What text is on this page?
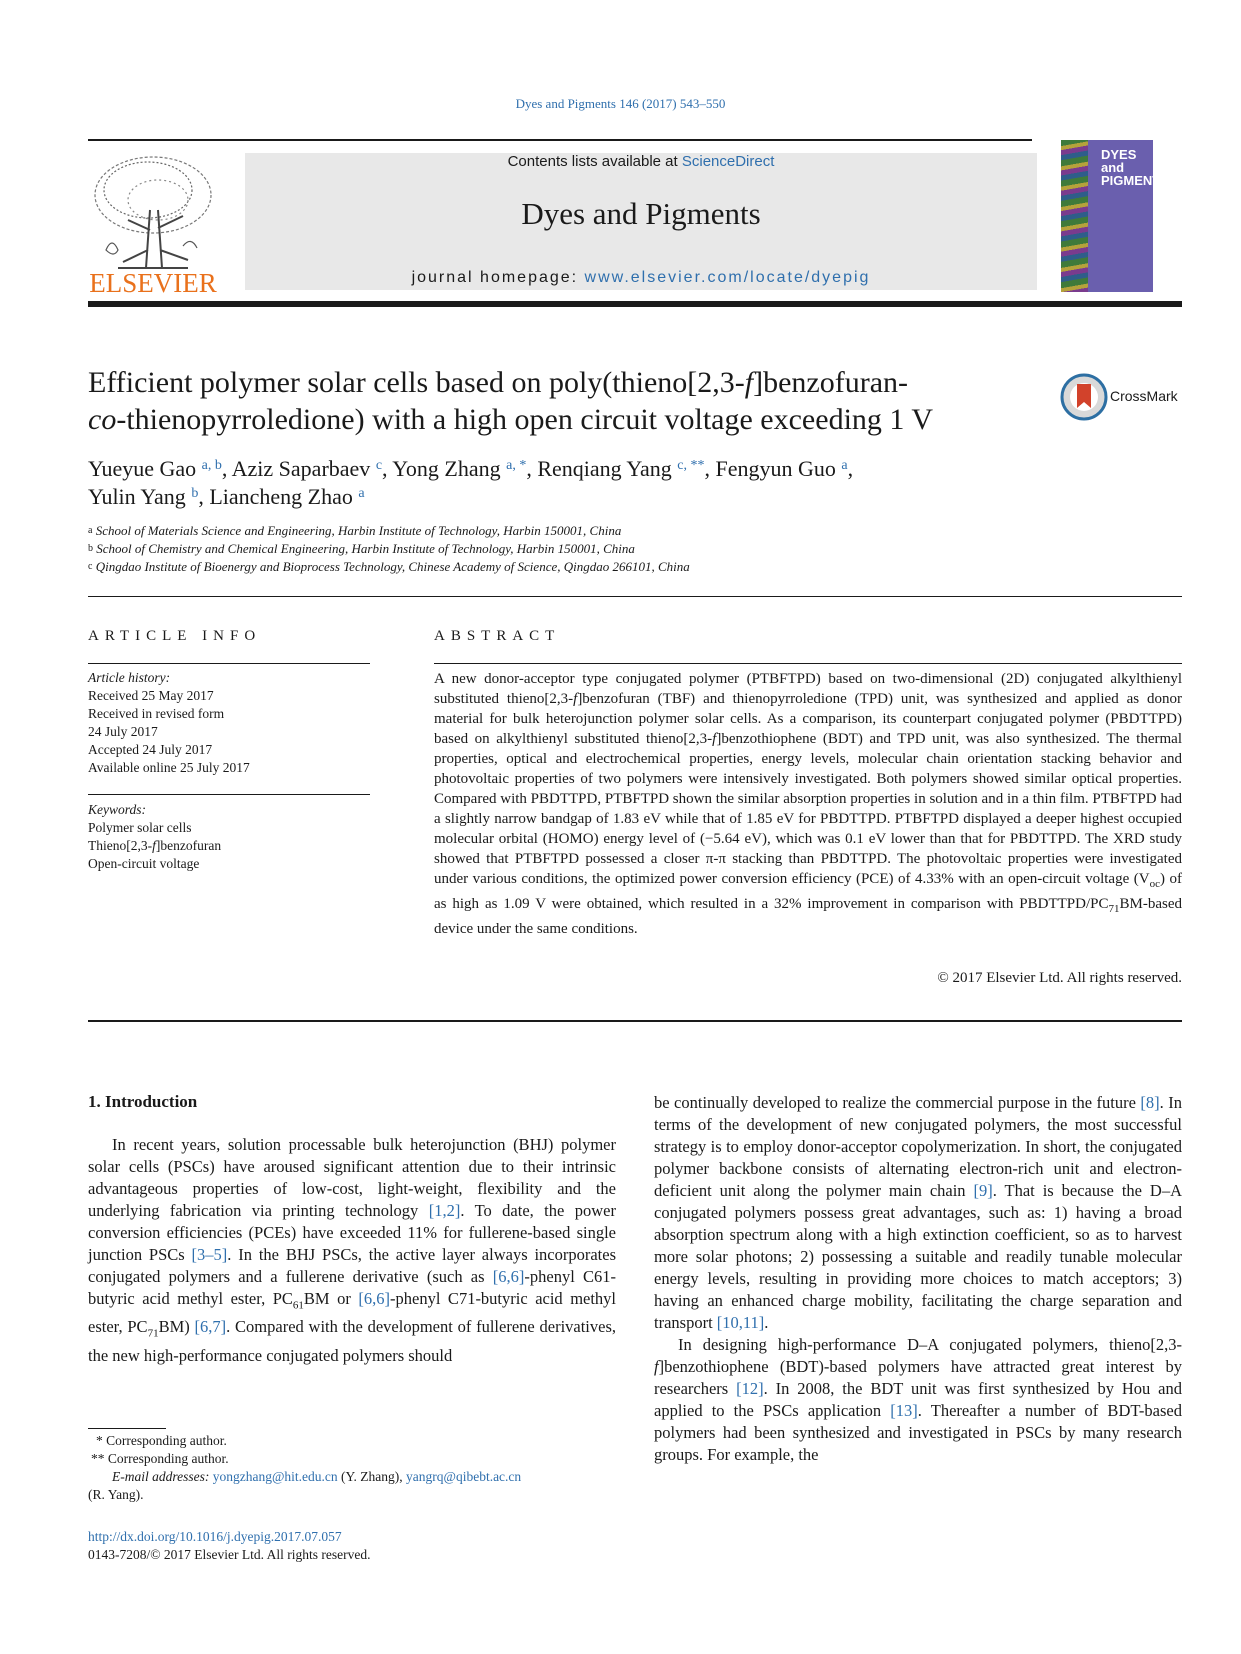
Dyes and Pigments 146 (2017) 543–550
ELSEVIER
Contents lists available at ScienceDirect
Dyes and Pigments
journal homepage: www.elsevier.com/locate/dyepig
DYES and PIGMENTS
Efficient polymer solar cells based on poly(thieno[2,3-f]benzofuran-
co-thienopyrroledione) with a high open circuit voltage exceeding 1 V
CrossMark
Yueyue Gao $^{a, b}$, Aziz Saparbaev $^c$, Yong Zhang $^{a, *}$, Renqiang Yang $^{c, **}$, Fengyun Guo $^a$,
Yulin Yang $^b$, Liancheng Zhao $^a$
$^a$ School of Materials Science and Engineering, Harbin Institute of Technology, Harbin 150001, China
$^b$ School of Chemistry and Chemical Engineering, Harbin Institute of Technology, Harbin 150001, China
$^c$ Qingdao Institute of Bioenergy and Bioprocess Technology, Chinese Academy of Science, Qingdao 266101, China
ARTICLE INFO	ABSTRACT
Article history:
Received 25 May 2017
Received in revised form
24 July 2017
Accepted 24 July 2017
Available online 25 July 2017
Keywords:
Polymer solar cells
Thieno[2,3-f]benzofuran
Open-circuit voltage
A new donor-acceptor type conjugated polymer (PTBFTPD) based on two-dimensional (2D) conjugated alkylthienyl substituted thieno[2,3-f]benzofuran (TBF) and thienopyrroledione (TPD) unit, was synthesized and applied as donor material for bulk heterojunction polymer solar cells. As a comparison, its counterpart conjugated polymer (PBDTTPD) based on alkylthienyl substituted thieno[2,3-f]benzothiophene (BDT) and TPD unit, was also synthesized. The thermal properties, optical and electrochemical properties, energy levels, molecular chain orientation stacking behavior and photovoltaic properties of two polymers were intensively investigated. Both polymers showed similar optical properties. Compared with PBDTTPD, PTBFTPD shown the similar absorption properties in solution and in a thin film. PTBFTPD had a slightly narrow bandgap of 1.83 eV while that of 1.85 eV for PBDTTPD. PTBFTPD displayed a deeper highest occupied molecular orbital (HOMO) energy level of (−5.64 eV), which was 0.1 eV lower than that for PBDTTPD. The XRD study showed that PTBFTPD possessed a closer π-π stacking than PBDTTPD. The photovoltaic properties were investigated under various conditions, the optimized power conversion efficiency (PCE) of 4.33% with an open-circuit voltage $(V_{oc})$ of as high as 1.09 V were obtained, which resulted in a 32% improvement in comparison with PBDTTPD/$PC_{71}BM$-based device under the same conditions.
© 2017 Elsevier Ltd. All rights reserved.
1. Introduction

In recent years, solution processable bulk heterojunction (BHJ) polymer solar cells (PSCs) have aroused significant attention due to their intrinsic advantageous properties of low-cost, light-weight, flexibility and the underlying fabrication via printing technology [1,2]. To date, the power conversion efficiencies (PCEs) have exceeded 11% for fullerene-based single junction PSCs [3–5]. In the BHJ PSCs, the active layer always incorporates conjugated polymers and a fullerene derivative (such as [6,6]-phenyl C61-butyric acid methyl ester, $PC_{61}BM$ or [6,6]-phenyl C71-butyric acid methyl ester, $PC_{71}BM$) [6,7]. Compared with the development of fullerene derivatives, the new high-performance conjugated polymers should

be continually developed to realize the commercial purpose in the future [8]. In terms of the development of new conjugated polymers, the most successful strategy is to employ donor-acceptor copolymerization. In short, the conjugated polymer backbone consists of alternating electron-rich unit and electron-deficient unit along the polymer main chain [9]. That is because the D–A conjugated polymers possess great advantages, such as: 1) having a broad absorption spectrum along with a high extinction coefficient, so as to harvest more solar photons; 2) possessing a suitable and readily tunable molecular energy levels, resulting in providing more choices to match acceptors; 3) having an enhanced charge mobility, facilitating the charge separation and transport [10,11].

In designing high-performance D–A conjugated polymers, thieno[2,3-f]benzothiophene (BDT)-based polymers have attracted great interest by researchers [12]. In 2008, the BDT unit was first synthesized by Hou and applied to the PSCs application [13]. Thereafter a number of BDT-based polymers had been synthesized and investigated in PSCs by many research groups. For example, the

* Corresponding author.
** Corresponding author.
E-mail addresses: yongzhang@hit.edu.cn (Y. Zhang), yangrq@qibebt.ac.cn
(R. Yang).
http://dx.doi.org/10.1016/j.dyepig.2017.07.057
0143-7208/© 2017 Elsevier Ltd. All rights reserved.
